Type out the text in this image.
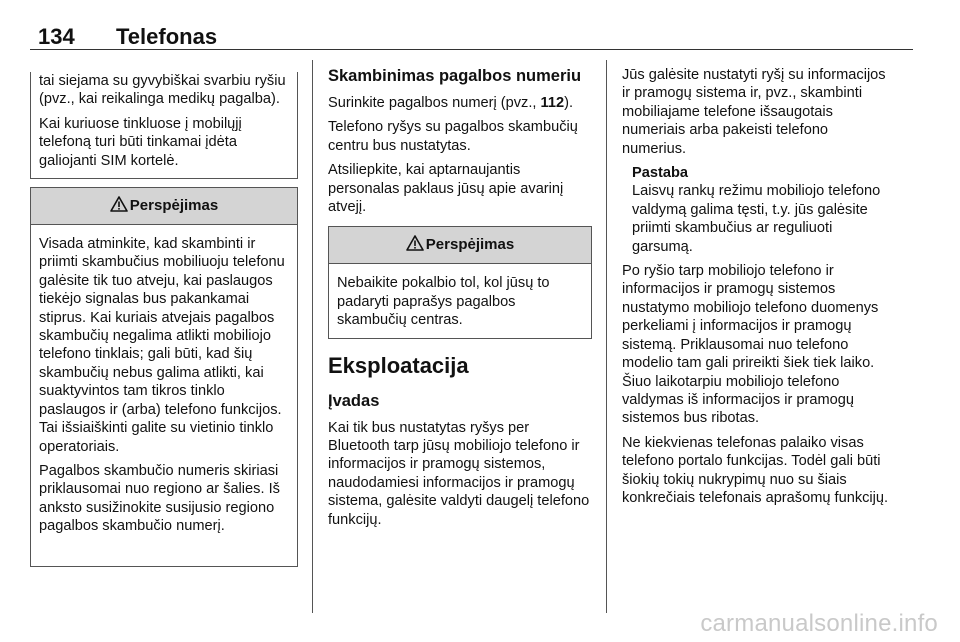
134	Telefonas

tai siejama su gyvybiškai svarbiu ryšiu (pvz., kai reikalinga medikų pagalba).

Kai kuriuose tinkluose į mobilųjį telefoną turi būti tinkamai įdėta galiojanti SIM kortelė.

Perspėjimas

Visada atminkite, kad skambinti ir priimti skambučius mobiliuoju telefonu galėsite tik tuo atveju, kai paslaugos tiekėjo signalas bus pakankamai stiprus. Kai kuriais atvejais pagalbos skambučių negalima atlikti mobiliojo telefono tinklais; gali būti, kad šių skambučių nebus galima atlikti, kai suaktyvintos tam tikros tinklo paslaugos ir (arba) telefono funkcijos. Tai išsiaiškinti galite su vietinio tinklo operatoriais.

Pagalbos skambučio numeris skiriasi priklausomai nuo regiono ar šalies. Iš anksto susižinokite susijusio regiono pagalbos skambučio numerį.

Skambinimas pagalbos numeriu

Surinkite pagalbos numerį (pvz., 112).

Telefono ryšys su pagalbos skambučių centru bus nustatytas.

Atsiliepkite, kai aptarnaujantis personalas paklaus jūsų apie avarinį atvejį.

Perspėjimas

Nebaikite pokalbio tol, kol jūsų to padaryti paprašys pagalbos skambučių centras.

Eksploatacija
Įvadas

Kai tik bus nustatytas ryšys per Bluetooth tarp jūsų mobiliojo telefono ir informacijos ir pramogų sistemos, naudodamiesi informacijos ir pramogų sistema, galėsite valdyti daugelį telefono funkcijų.

Jūs galėsite nustatyti ryšį su informacijos ir pramogų sistema ir, pvz., skambinti mobiliajame telefone išsaugotais numeriais arba pakeisti telefono numerius.

Pastaba
Laisvų rankų režimu mobiliojo telefono valdymą galima tęsti, t.y. jūs galėsite priimti skambučius ar reguliuoti garsumą.

Po ryšio tarp mobiliojo telefono ir informacijos ir pramogų sistemos nustatymo mobiliojo telefono duomenys perkeliami į informacijos ir pramogų sistemą. Priklausomai nuo telefono modelio tam gali prireikti šiek tiek laiko. Šiuo laikotarpiu mobiliojo telefono valdymas iš informacijos ir pramogų sistemos bus ribotas.

Ne kiekvienas telefonas palaiko visas telefono portalo funkcijas. Todėl gali būti šiokių tokių nukrypimų nuo su šiais konkrečiais telefonais aprašomų funkcijų.

carmanualsonline.info
